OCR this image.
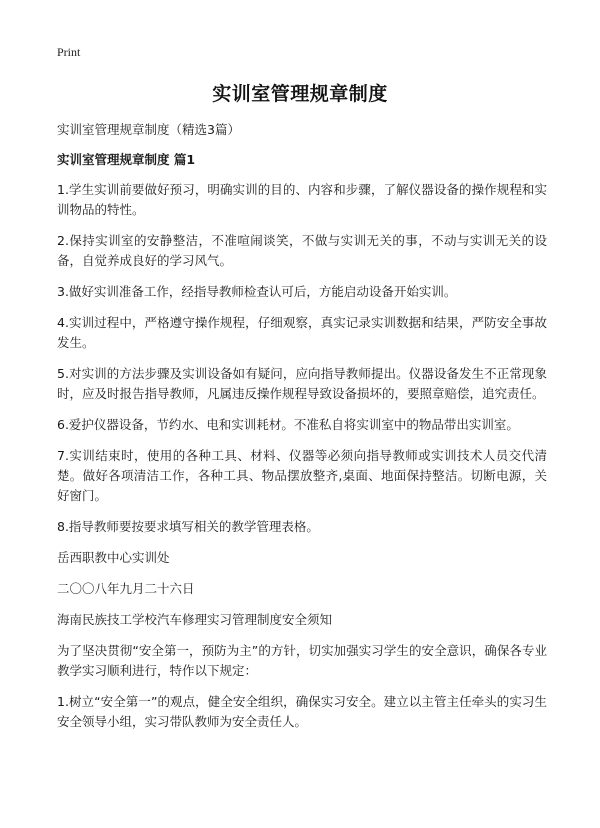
Print
实训室管理规章制度

实训室管理规章制度（精选3篇）

实训室管理规章制度 篇1

1.学生实训前要做好预习，明确实训的目的、内容和步骤，了解仪器设备的操作规程和实训物品的特性。

2.保持实训室的安静整洁，不准喧闹谈笑，不做与实训无关的事，不动与实训无关的设备，自觉养成良好的学习风气。

3.做好实训准备工作，经指导教师检查认可后，方能启动设备开始实训。

4.实训过程中，严格遵守操作规程，仔细观察，真实记录实训数据和结果，严防安全事故发生。

5.对实训的方法步骤及实训设备如有疑问，应向指导教师提出。仪器设备发生不正常现象时，应及时报告指导教师，凡属违反操作规程导致设备损坏的，要照章赔偿，追究责任。

6.爱护仪器设备，节约水、电和实训耗材。不准私自将实训室中的物品带出实训室。

7.实训结束时，使用的各种工具、材料、仪器等必须向指导教师或实训技术人员交代清楚。做好各项清洁工作，各种工具、物品摆放整齐,桌面、地面保持整洁。切断电源，关好窗门。

8.指导教师要按要求填写相关的教学管理表格。

岳西职教中心实训处

二〇〇八年九月二十六日

海南民族技工学校汽车修理实习管理制度安全须知

为了坚决贯彻“安全第一，预防为主”的方针，切实加强实习学生的安全意识，确保各专业教学实习顺利进行，特作以下规定：

1.树立“安全第一”的观点，健全安全组织，确保实习安全。建立以主管主任牵头的实习生安全领导小组，实习带队教师为安全责任人。
